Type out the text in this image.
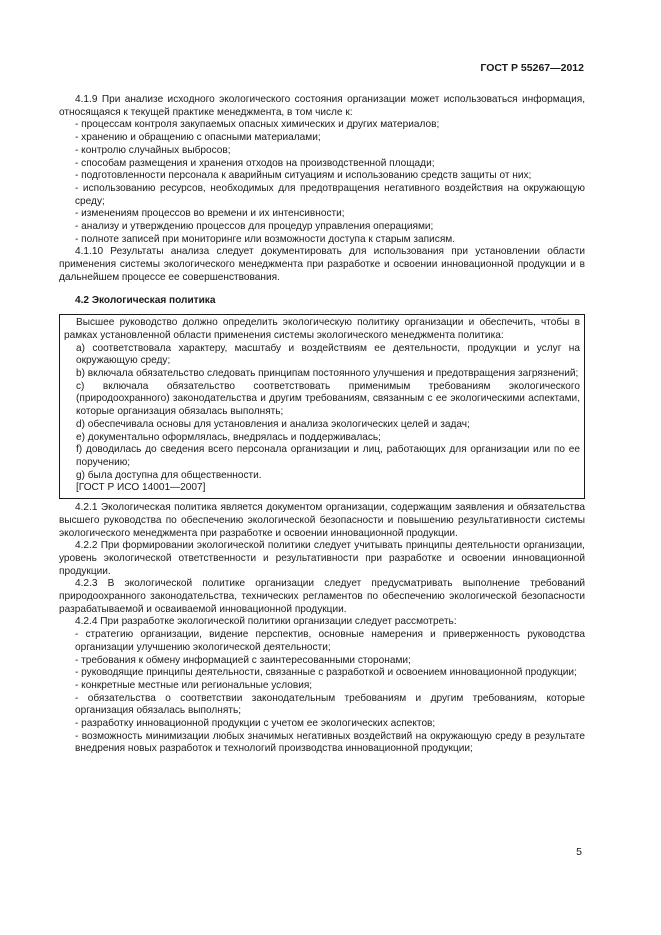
ГОСТ Р 55267—2012

4.1.9 При анализе исходного экологического состояния организации может использоваться информация, относящаяся к текущей практике менеджмента, в том числе к:

- процессам контроля закупаемых опасных химических и других материалов;

- хранению и обращению с опасными материалами;

- контролю случайных выбросов;

- способам размещения и хранения отходов на производственной площади;

- подготовленности персонала к аварийным ситуациям и использованию средств защиты от них;

- использованию ресурсов, необходимых для предотвращения негативного воздействия на окружающую среду;

- изменениям процессов во времени и их интенсивности;

- анализу и утверждению процессов для процедур управления операциями;

- полноте записей при мониторинге или возможности доступа к старым записям.

4.1.10 Результаты анализа следует документировать для использования при установлении области применения системы экологического менеджмента при разработке и освоении инновационной продукции и в дальнейшем процессе ее совершенствования.

4.2 Экологическая политика

Высшее руководство должно определить экологическую политику организации и обеспечить, чтобы в рамках установленной области применения системы экологического менеджмента политика:

a) соответствовала характеру, масштабу и воздействиям ее деятельности, продукции и услуг на окружающую среду;

b) включала обязательство следовать принципам постоянного улучшения и предотвращения загрязнений;

c) включала обязательство соответствовать применимым требованиям экологического (природоохранного) законодательства и другим требованиям, связанным с ее экологическими аспектами, которые организация обязалась выполнять;

d) обеспечивала основы для установления и анализа экологических целей и задач;

e) документально оформлялась, внедрялась и поддерживалась;

f) доводилась до сведения всего персонала организации и лиц, работающих для организации или по ее поручению;

g) была доступна для общественности.

[ГОСТ Р ИСО 14001—2007]

4.2.1 Экологическая политика является документом организации, содержащим заявления и обязательства высшего руководства по обеспечению экологической безопасности и повышению результативности системы экологического менеджмента при разработке и освоении инновационной продукции.

4.2.2 При формировании экологической политики следует учитывать принципы деятельности организации, уровень экологической ответственности и результативности при разработке и освоении инновационной продукции.

4.2.3 В экологической политике организации следует предусматривать выполнение требований природоохранного законодательства, технических регламентов по обеспечению экологической безопасности разрабатываемой и осваиваемой инновационной продукции.

4.2.4 При разработке экологической политики организации следует рассмотреть:

- стратегию организации, видение перспектив, основные намерения и приверженность руководства организации улучшению экологической деятельности;

- требования к обмену информацией с заинтересованными сторонами;

- руководящие принципы деятельности, связанные с разработкой и освоением инновационной продукции;

- конкретные местные или региональные условия;

- обязательства о соответствии законодательным требованиям и другим требованиям, которые организация обязалась выполнять;

- разработку инновационной продукции с учетом ее экологических аспектов;

- возможность минимизации любых значимых негативных воздействий на окружающую среду в результате внедрения новых разработок и технологий производства инновационной продукции;

5
